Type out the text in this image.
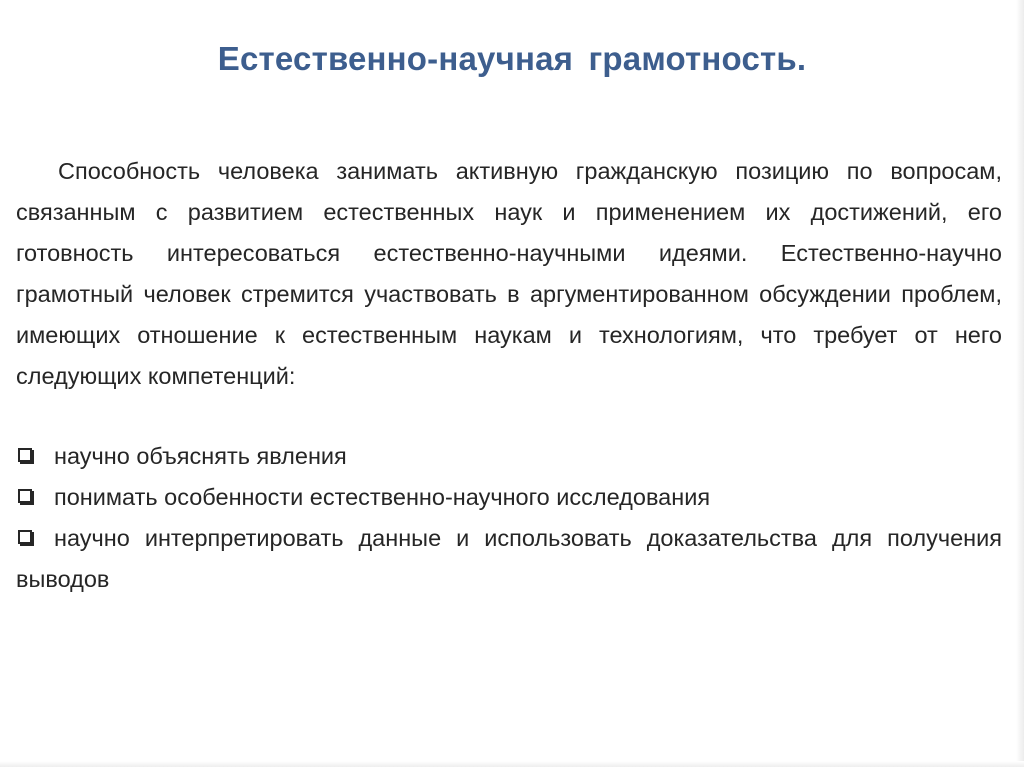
Естественно-научная грамотность.

Способность человека занимать активную гражданскую позицию по вопросам, связанным с развитием естественных наук и применением их достижений, его готовность интересоваться естественно-научными идеями. Естественно-научно грамотный человек стремится участвовать в аргументированном обсуждении проблем, имеющих отношение к естественным наукам и технологиям, что требует от него следующих компетенций:

научно объяснять явления
понимать особенности естественно-научного исследования
научно интерпретировать данные и использовать доказательства для получения выводов
